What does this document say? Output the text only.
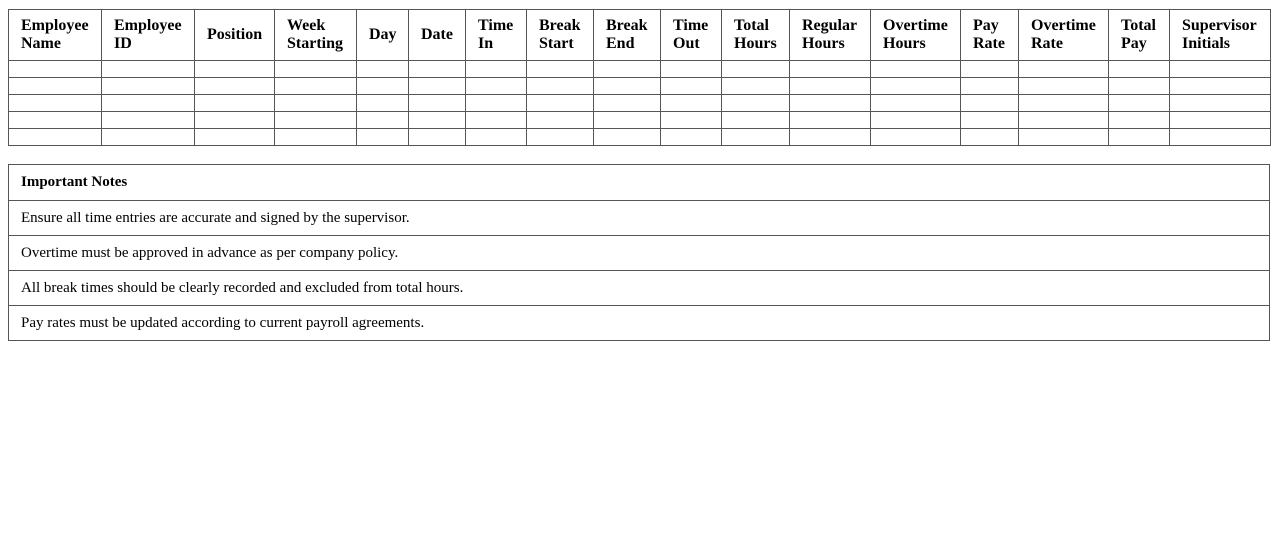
Employee Name	Employee ID	Position	Week Starting	Day	Date	Time In	Break Start	Break End	Time Out	Total Hours	Regular Hours	Overtime Hours	Pay Rate	Overtime Rate	Total Pay	Supervisor Initials

Important Notes
Ensure all time entries are accurate and signed by the supervisor.
Overtime must be approved in advance as per company policy.
All break times should be clearly recorded and excluded from total hours.
Pay rates must be updated according to current payroll agreements.
